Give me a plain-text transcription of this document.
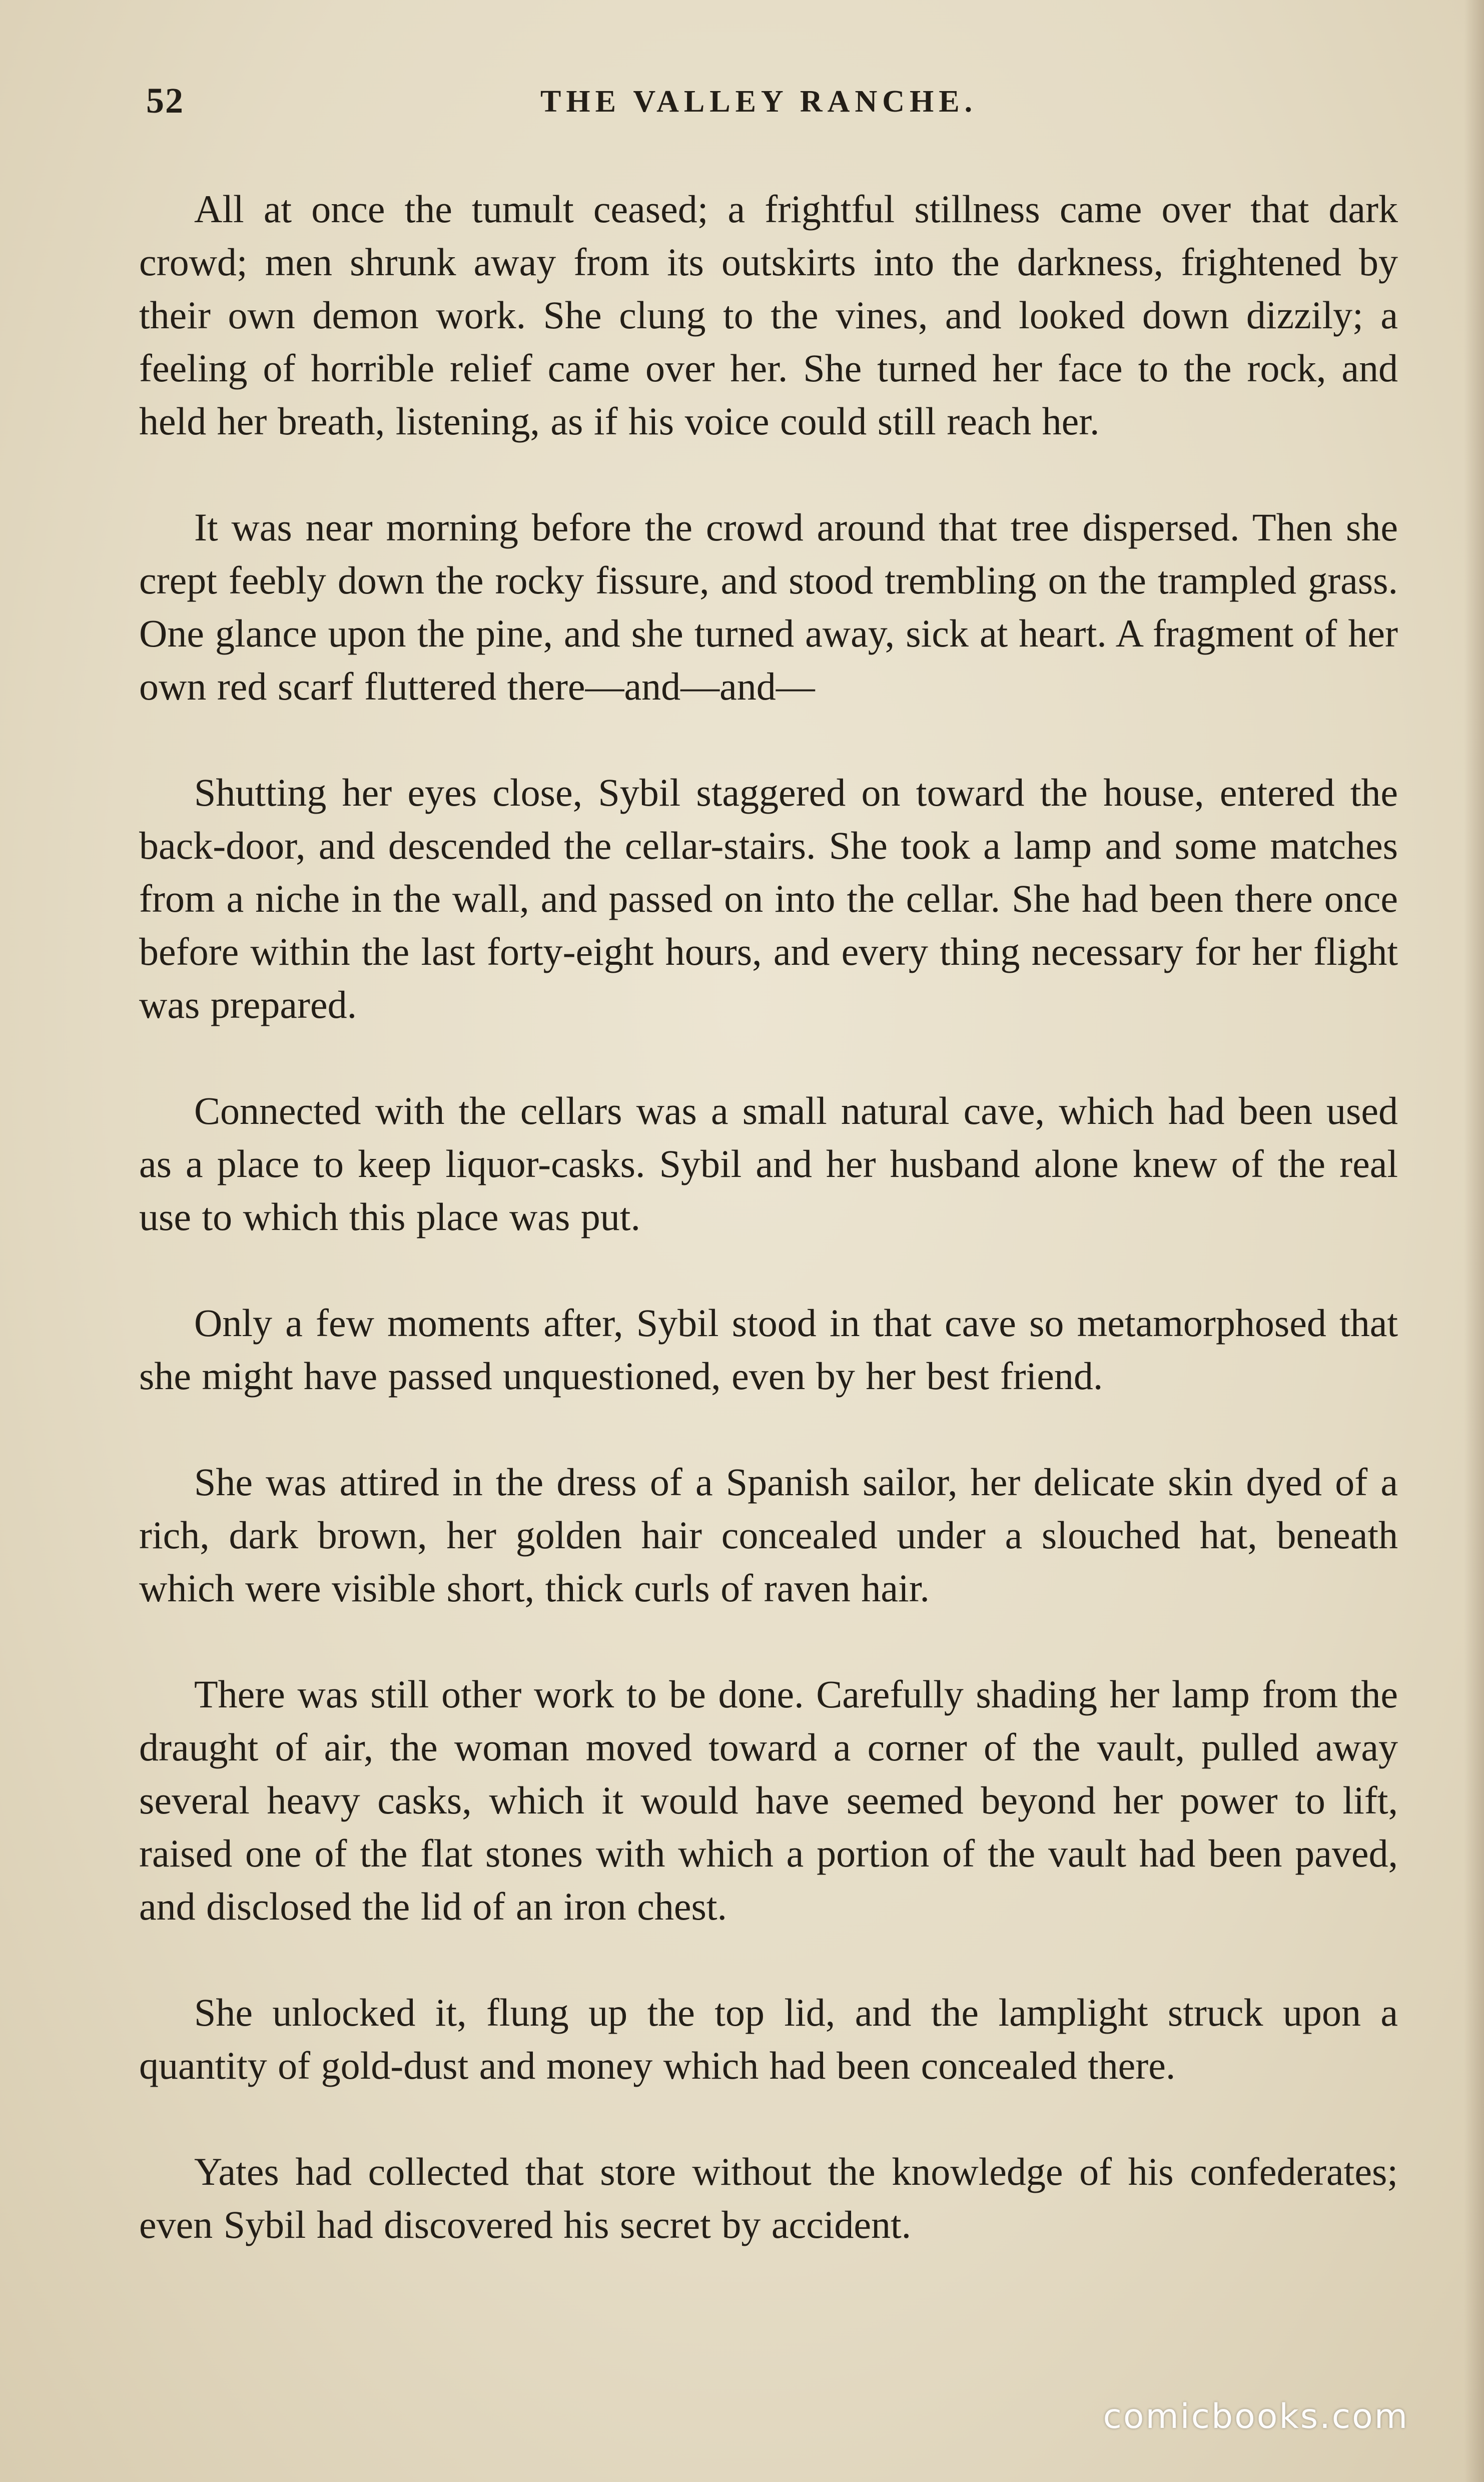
52	THE VALLEY RANCHE.

All at once the tumult ceased; a frightful stillness came over that dark crowd; men shrunk away from its outskirts into the darkness, frightened by their own demon work. She clung to the vines, and looked down dizzily; a feeling of horrible relief came over her. She turned her face to the rock, and held her breath, listening, as if his voice could still reach her.

It was near morning before the crowd around that tree dispersed. Then she crept feebly down the rocky fissure, and stood trembling on the trampled grass. One glance upon the pine, and she turned away, sick at heart. A fragment of her own red scarf fluttered there—and—and—

Shutting her eyes close, Sybil staggered on toward the house, entered the back-door, and descended the cellar-stairs. She took a lamp and some matches from a niche in the wall, and passed on into the cellar. She had been there once before within the last forty-eight hours, and every thing necessary for her flight was prepared.

Connected with the cellars was a small natural cave, which had been used as a place to keep liquor-casks. Sybil and her husband alone knew of the real use to which this place was put.

Only a few moments after, Sybil stood in that cave so metamorphosed that she might have passed unquestioned, even by her best friend.

She was attired in the dress of a Spanish sailor, her delicate skin dyed of a rich, dark brown, her golden hair concealed under a slouched hat, beneath which were visible short, thick curls of raven hair.

There was still other work to be done. Carefully shading her lamp from the draught of air, the woman moved toward a corner of the vault, pulled away several heavy casks, which it would have seemed beyond her power to lift, raised one of the flat stones with which a portion of the vault had been paved, and disclosed the lid of an iron chest.

She unlocked it, flung up the top lid, and the lamplight struck upon a quantity of gold-dust and money which had been concealed there.

Yates had collected that store without the knowledge of his confederates; even Sybil had discovered his secret by accident.

comicbooks.com
